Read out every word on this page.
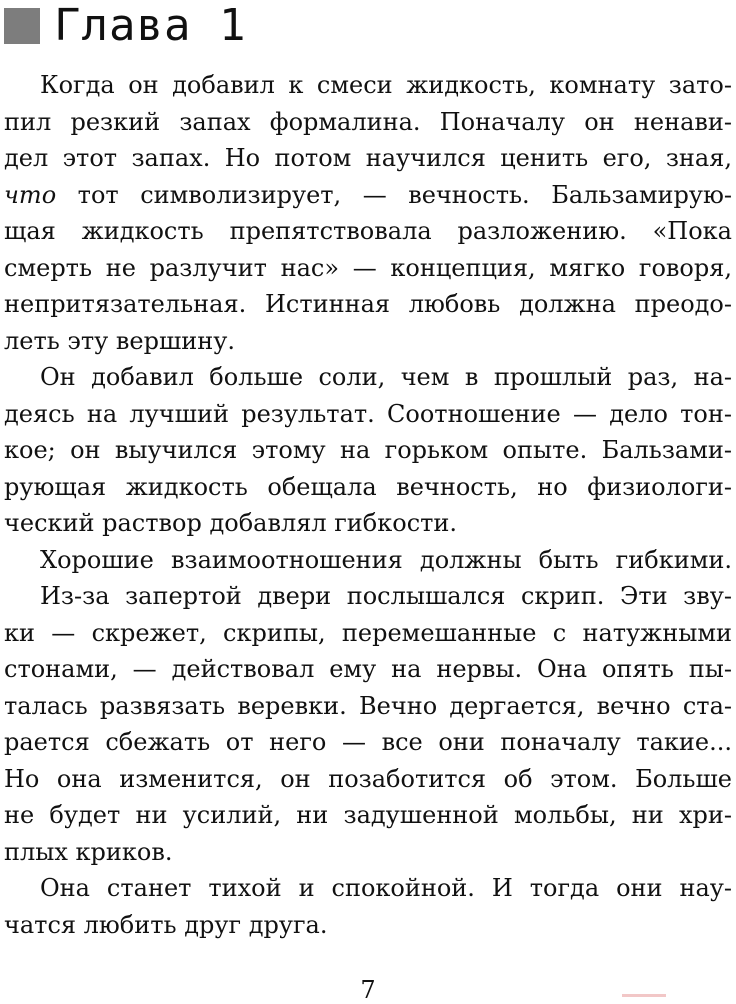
Глава 1
Когда он добавил к смеси жидкость, комнату зато-
пил резкий запах формалина. Поначалу он ненави-
дел этот запах. Но потом научился ценить его, зная,
что тот символизирует, — вечность. Бальзамирую-
щая жидкость препятствовала разложению. «Пока
смерть не разлучит нас» — концепция, мягко говоря,
непритязательная. Истинная любовь должна преодо-
леть эту вершину.
Он добавил больше соли, чем в прошлый раз, на-
деясь на лучший результат. Соотношение — дело тон-
кое; он выучился этому на горьком опыте. Бальзами-
рующая жидкость обещала вечность, но физиологи-
ческий раствор добавлял гибкости.
Хорошие взаимоотношения должны быть гибкими.
Из-за запертой двери послышался скрип. Эти зву-
ки — скрежет, скрипы, перемешанные с натужными
стонами, — действовал ему на нервы. Она опять пы-
талась развязать веревки. Вечно дергается, вечно ста-
рается сбежать от него — все они поначалу такие...
Но она изменится, он позаботится об этом. Больше
не будет ни усилий, ни задушенной мольбы, ни хри-
плых криков.
Она станет тихой и спокойной. И тогда они нау-
чатся любить друг друга.
7
